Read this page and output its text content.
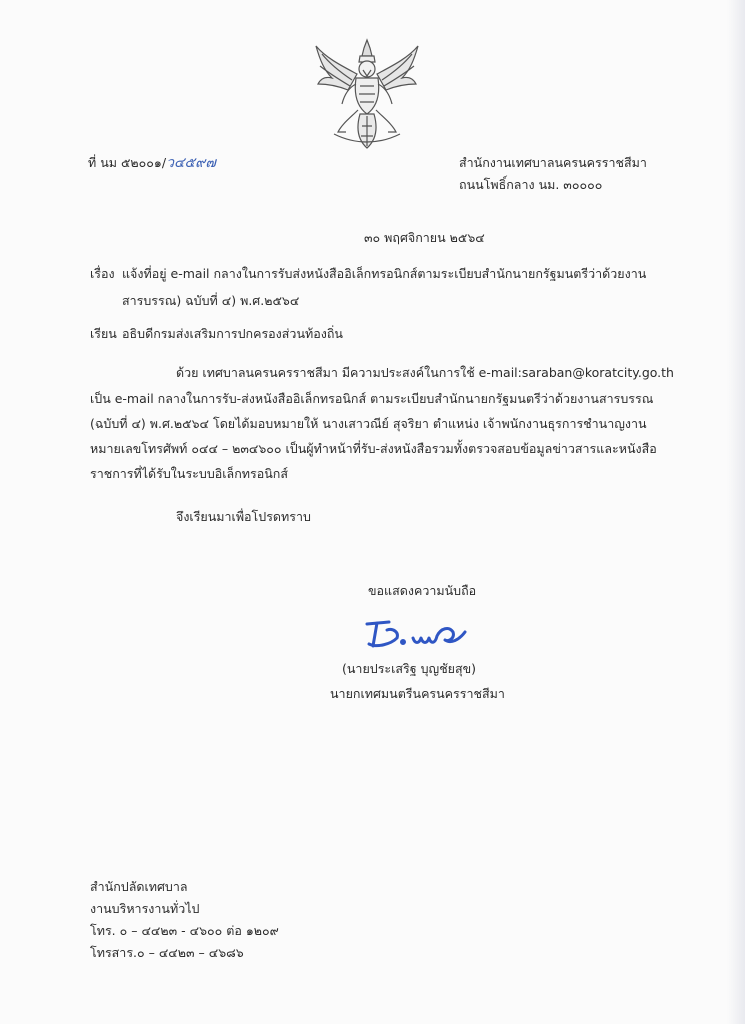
ที่ นม ๕๒๐๐๑/ว๔๕๙๗	สำนักงานเทศบาลนครนครราชสีมา
ถนนโพธิ์กลาง นม. ๓๐๐๐๐
๓๐ พฤศจิกายน ๒๕๖๔
เรื่อง แจ้งที่อยู่ e-mail กลางในการรับส่งหนังสืออิเล็กทรอนิกส์ตามระเบียบสำนักนายกรัฐมนตรีว่าด้วยงาน
สารบรรณ) ฉบับที่ ๔) พ.ศ.๒๕๖๔
เรียน อธิบดีกรมส่งเสริมการปกครองส่วนท้องถิ่น
ด้วย เทศบาลนครนครราชสีมา มีความประสงค์ในการใช้ e-mail:saraban@koratcity.go.th
เป็น e-mail กลางในการรับ-ส่งหนังสืออิเล็กทรอนิกส์ ตามระเบียบสำนักนายกรัฐมนตรีว่าด้วยงานสารบรรณ
(ฉบับที่ ๔) พ.ศ.๒๕๖๔ โดยได้มอบหมายให้ นางเสาวณีย์ สุจริยา ตำแหน่ง เจ้าพนักงานธุรการชำนาญงาน
หมายเลขโทรศัพท์ ๐๔๔ – ๒๓๔๖๐๐ เป็นผู้ทำหน้าที่รับ-ส่งหนังสือรวมทั้งตรวจสอบข้อมูลข่าวสารและหนังสือ
ราชการที่ได้รับในระบบอิเล็กทรอนิกส์
จึงเรียนมาเพื่อโปรดทราบ
ขอแสดงความนับถือ
(นายประเสริฐ บุญชัยสุข)
นายกเทศมนตรีนครนครราชสีมา
สำนักปลัดเทศบาล
งานบริหารงานทั่วไป
โทร. ๐ – ๔๔๒๓ - ๔๖๐๐ ต่อ ๑๒๐๙
โทรสาร.๐ – ๔๔๒๓ – ๔๖๘๖
